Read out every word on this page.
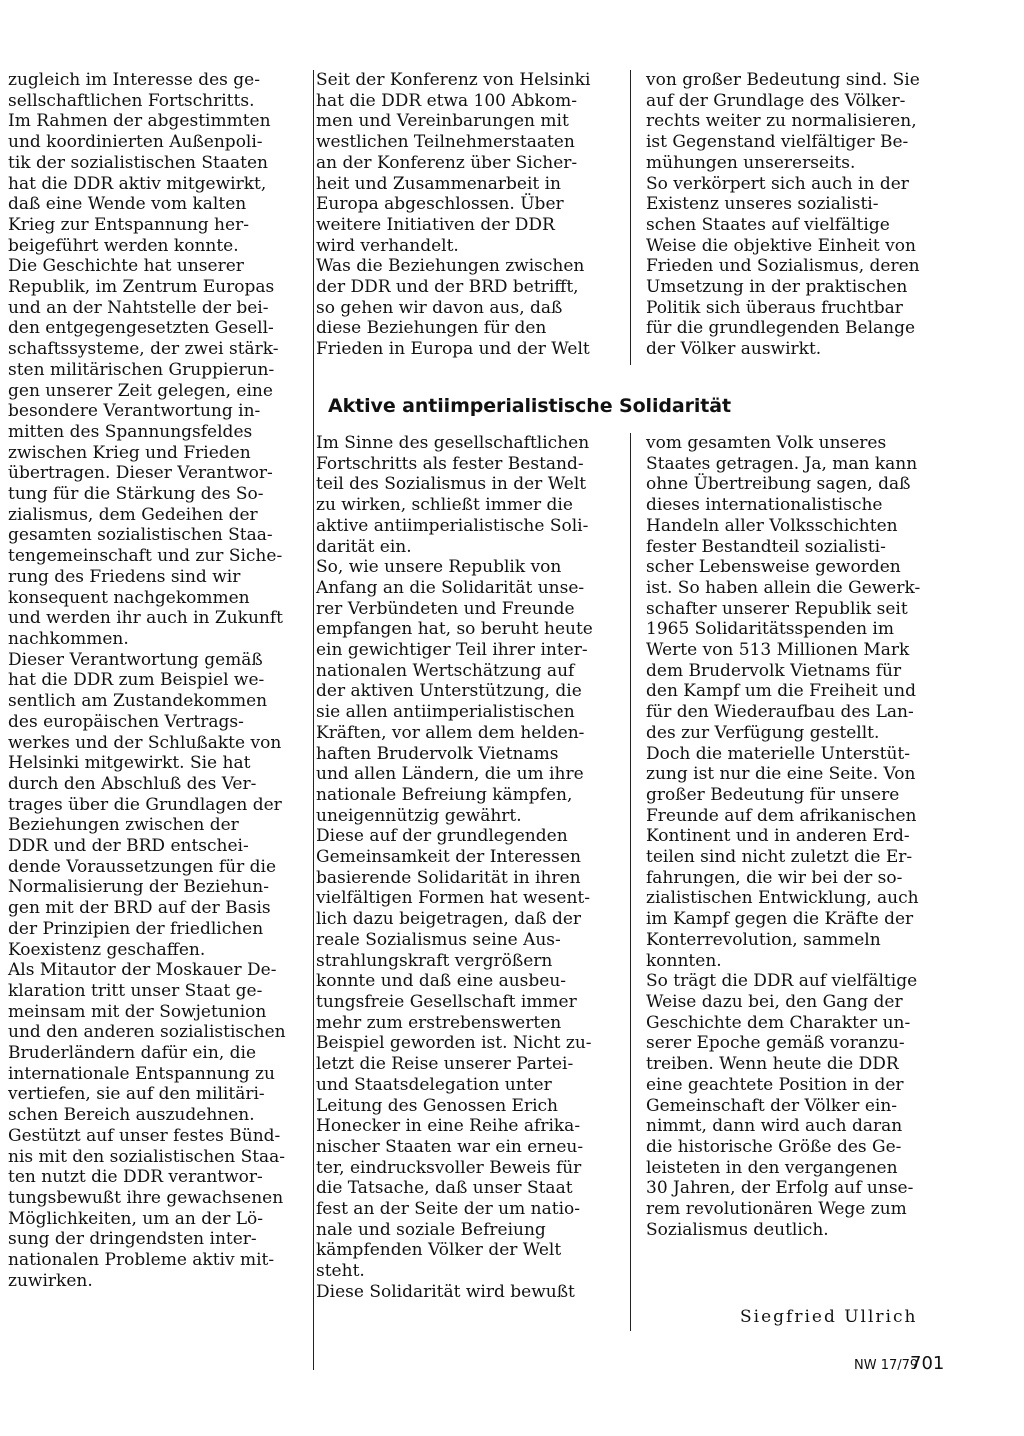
zugleich im Interesse des ge-
sellschaftlichen Fortschritts.
Im Rahmen der abgestimmten
und koordinierten Außenpoli-
tik der sozialistischen Staaten
hat die DDR aktiv mitgewirkt,
daß eine Wende vom kalten
Krieg zur Entspannung her-
beigeführt werden konnte.

Die Geschichte hat unserer
Republik, im Zentrum Europas
und an der Nahtstelle der bei-
den entgegengesetzten Gesell-
schaftssysteme, der zwei stärk-
sten militärischen Gruppierun-
gen unserer Zeit gelegen, eine
besondere Verantwortung in-
mitten des Spannungsfeldes
zwischen Krieg und Frieden
übertragen. Dieser Verantwor-
tung für die Stärkung des So-
zialismus, dem Gedeihen der
gesamten sozialistischen Staa-
tengemeinschaft und zur Siche-
rung des Friedens sind wir
konsequent nachgekommen
und werden ihr auch in Zukunft
nachkommen.

Dieser Verantwortung gemäß
hat die DDR zum Beispiel we-
sentlich am Zustandekommen
des europäischen Vertrags-
werkes und der Schlußakte von
Helsinki mitgewirkt. Sie hat
durch den Abschluß des Ver-
trages über die Grundlagen der
Beziehungen zwischen der
DDR und der BRD entschei-
dende Voraussetzungen für die
Normalisierung der Beziehun-
gen mit der BRD auf der Basis
der Prinzipien der friedlichen
Koexistenz geschaffen.

Als Mitautor der Moskauer De-
klaration tritt unser Staat ge-
meinsam mit der Sowjetunion
und den anderen sozialistischen
Bruderländern dafür ein, die
internationale Entspannung zu
vertiefen, sie auf den militäri-
schen Bereich auszudehnen.

Gestützt auf unser festes Bünd-
nis mit den sozialistischen Staa-
ten nutzt die DDR verantwor-
tungsbewußt ihre gewachsenen
Möglichkeiten, um an der Lö-
sung der dringendsten inter-
nationalen Probleme aktiv mit-
zuwirken.

Seit der Konferenz von Helsinki
hat die DDR etwa 100 Abkom-
men und Vereinbarungen mit
westlichen Teilnehmerstaaten
an der Konferenz über Sicher-
heit und Zusammenarbeit in
Europa abgeschlossen. Über
weitere Initiativen der DDR
wird verhandelt.

Was die Beziehungen zwischen
der DDR und der BRD betrifft,
so gehen wir davon aus, daß
diese Beziehungen für den
Frieden in Europa und der Welt

von großer Bedeutung sind. Sie
auf der Grundlage des Völker-
rechts weiter zu normalisieren,
ist Gegenstand vielfältiger Be-
mühungen unsererseits.

So verkörpert sich auch in der
Existenz unseres sozialisti-
schen Staates auf vielfältige
Weise die objektive Einheit von
Frieden und Sozialismus, deren
Umsetzung in der praktischen
Politik sich überaus fruchtbar
für die grundlegenden Belange
der Völker auswirkt.

Aktive antiimperialistische Solidarität

Im Sinne des gesellschaftlichen
Fortschritts als fester Bestand-
teil des Sozialismus in der Welt
zu wirken, schließt immer die
aktive antiimperialistische Soli-
darität ein.

So, wie unsere Republik von
Anfang an die Solidarität unse-
rer Verbündeten und Freunde
empfangen hat, so beruht heute
ein gewichtiger Teil ihrer inter-
nationalen Wertschätzung auf
der aktiven Unterstützung, die
sie allen antiimperialistischen
Kräften, vor allem dem helden-
haften Brudervolk Vietnams
und allen Ländern, die um ihre
nationale Befreiung kämpfen,
uneigennützig gewährt.

Diese auf der grundlegenden
Gemeinsamkeit der Interessen
basierende Solidarität in ihren
vielfältigen Formen hat wesent-
lich dazu beigetragen, daß der
reale Sozialismus seine Aus-
strahlungskraft vergrößern
konnte und daß eine ausbeu-
tungsfreie Gesellschaft immer
mehr zum erstrebenswerten
Beispiel geworden ist. Nicht zu-
letzt die Reise unserer Partei-
und Staatsdelegation unter
Leitung des Genossen Erich
Honecker in eine Reihe afrika-
nischer Staaten war ein erneu-
ter, eindrucksvoller Beweis für
die Tatsache, daß unser Staat
fest an der Seite der um natio-
nale und soziale Befreiung
kämpfenden Völker der Welt
steht.

Diese Solidarität wird bewußt

vom gesamten Volk unseres
Staates getragen. Ja, man kann
ohne Übertreibung sagen, daß
dieses internationalistische
Handeln aller Volksschichten
fester Bestandteil sozialisti-
scher Lebensweise geworden
ist. So haben allein die Gewerk-
schafter unserer Republik seit
1965 Solidaritätsspenden im
Werte von 513 Millionen Mark
dem Brudervolk Vietnams für
den Kampf um die Freiheit und
für den Wiederaufbau des Lan-
des zur Verfügung gestellt.

Doch die materielle Unterstüt-
zung ist nur die eine Seite. Von
großer Bedeutung für unsere
Freunde auf dem afrikanischen
Kontinent und in anderen Erd-
teilen sind nicht zuletzt die Er-
fahrungen, die wir bei der so-
zialistischen Entwicklung, auch
im Kampf gegen die Kräfte der
Konterrevolution, sammeln
konnten.

So trägt die DDR auf vielfältige
Weise dazu bei, den Gang der
Geschichte dem Charakter un-
serer Epoche gemäß voranzu-
treiben. Wenn heute die DDR
eine geachtete Position in der
Gemeinschaft der Völker ein-
nimmt, dann wird auch daran
die historische Größe des Ge-
leisteten in den vergangenen
30 Jahren, der Erfolg auf unse-
rem revolutionären Wege zum
Sozialismus deutlich.

Siegfried Ullrich
NW 17/79
701
